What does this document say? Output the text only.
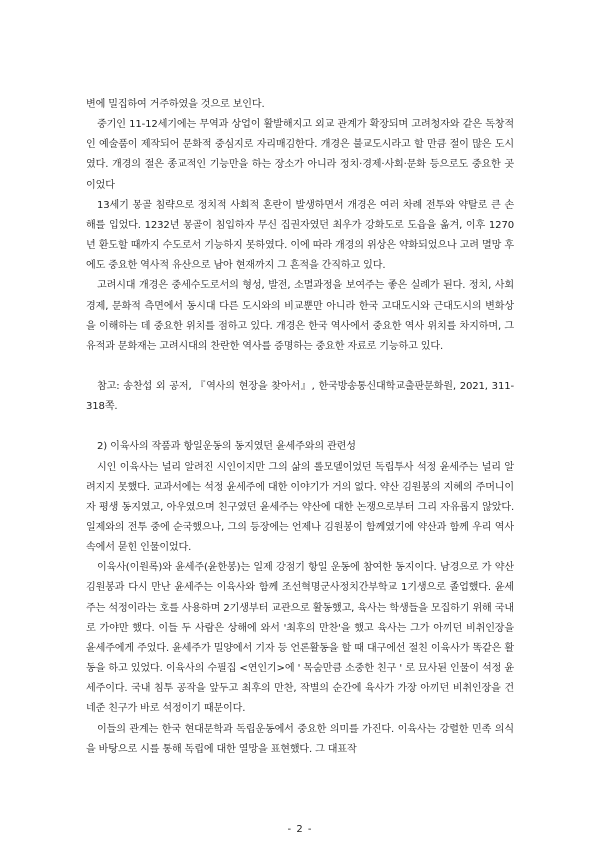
변에 밀집하여 거주하였을 것으로 보인다.

중기인 11-12세기에는 무역과 상업이 활발해지고 외교 관계가 확장되며 고려청자와 같은 독창적인 예술품이 제작되어 문화적 중심지로 자리매김한다. 개경은 불교도시라고 할 만큼 절이 많은 도시였다. 개경의 절은 종교적인 기능만을 하는 장소가 아니라 정치·경제·사회·문화 등으로도 중요한 곳이었다

13세기 몽골 침략으로 정치적 사회적 혼란이 발생하면서 개경은 여러 차례 전투와 약탈로 큰 손해를 입었다. 1232년 몽골이 침입하자 무신 집권자였던 최우가 강화도로 도읍을 옮겨, 이후 1270년 환도할 때까지 수도로서 기능하지 못하였다. 이에 따라 개경의 위상은 약화되었으나 고려 멸망 후에도 중요한 역사적 유산으로 남아 현재까지 그 흔적을 간직하고 있다.

고려시대 개경은 중세수도로서의 형성, 발전, 소멸과정을 보여주는 좋은 실례가 된다. 정치, 사회경제, 문화적 측면에서 동시대 다른 도시와의 비교뿐만 아니라 한국 고대도시와 근대도시의 변화상을 이해하는 데 중요한 위치를 점하고 있다. 개경은 한국 역사에서 중요한 역사 위치를 차지하며, 그 유적과 문화재는 고려시대의 찬란한 역사를 증명하는 중요한 자료로 기능하고 있다.

참고: 송찬섭 외 공저, 『역사의 현장을 찾아서』, 한국방송통신대학교출판문화원, 2021, 311-318쪽.

2) 이육사의 작품과 항일운동의 동지였던 윤세주와의 관련성

시인 이육사는 널리 알려진 시인이지만 그의 삶의 롤모델이었던 독립투사 석정 윤세주는 널리 알려지지 못했다. 교과서에는 석정 윤세주에 대한 이야기가 거의 없다. 약산 김원봉의 지혜의 주머니이자 평생 동지였고, 아우였으며 친구였던 윤세주는 약산에 대한 논쟁으로부터 그리 자유롭지 않았다. 일제와의 전투 중에 순국했으나, 그의 등장에는 언제나 김원봉이 함께였기에 약산과 함께 우리 역사 속에서 묻힌 인물이었다.

이육사(이원록)와 윤세주(윤한봉)는 일제 강점기 항일 운동에 참여한 동지이다. 남경으로 가 약산 김원봉과 다시 만난 윤세주는 이육사와 함께 조선혁명군사정치간부학교 1기생으로 졸업했다. 윤세주는 석정이라는 호를 사용하며 2기생부터 교관으로 활동했고, 육사는 학생들을 모집하기 위해 국내로 가야만 했다. 이들 두 사람은 상해에 와서 '최후의 만찬'을 했고 육사는 그가 아끼던 비취인장을 윤세주에게 주었다. 윤세주가 밀양에서 기자 등 언론활동을 할 때 대구에선 절친 이육사가 똑같은 활동을 하고 있었다. 이육사의 수필집 <연인기>에 ' 목숨만큼 소중한 친구 ' 로 묘사된 인물이 석정 윤세주이다. 국내 침투 공작을 앞두고 최후의 만찬, 작별의 순간에 육사가 가장 아끼던 비취인장을 건네준 친구가 바로 석정이기 때문이다.

이들의 관계는 한국 현대문학과 독립운동에서 중요한 의미를 가진다. 이육사는 강렬한 민족 의식을 바탕으로 시를 통해 독립에 대한 열망을 표현했다. 그 대표작

- 2 -
